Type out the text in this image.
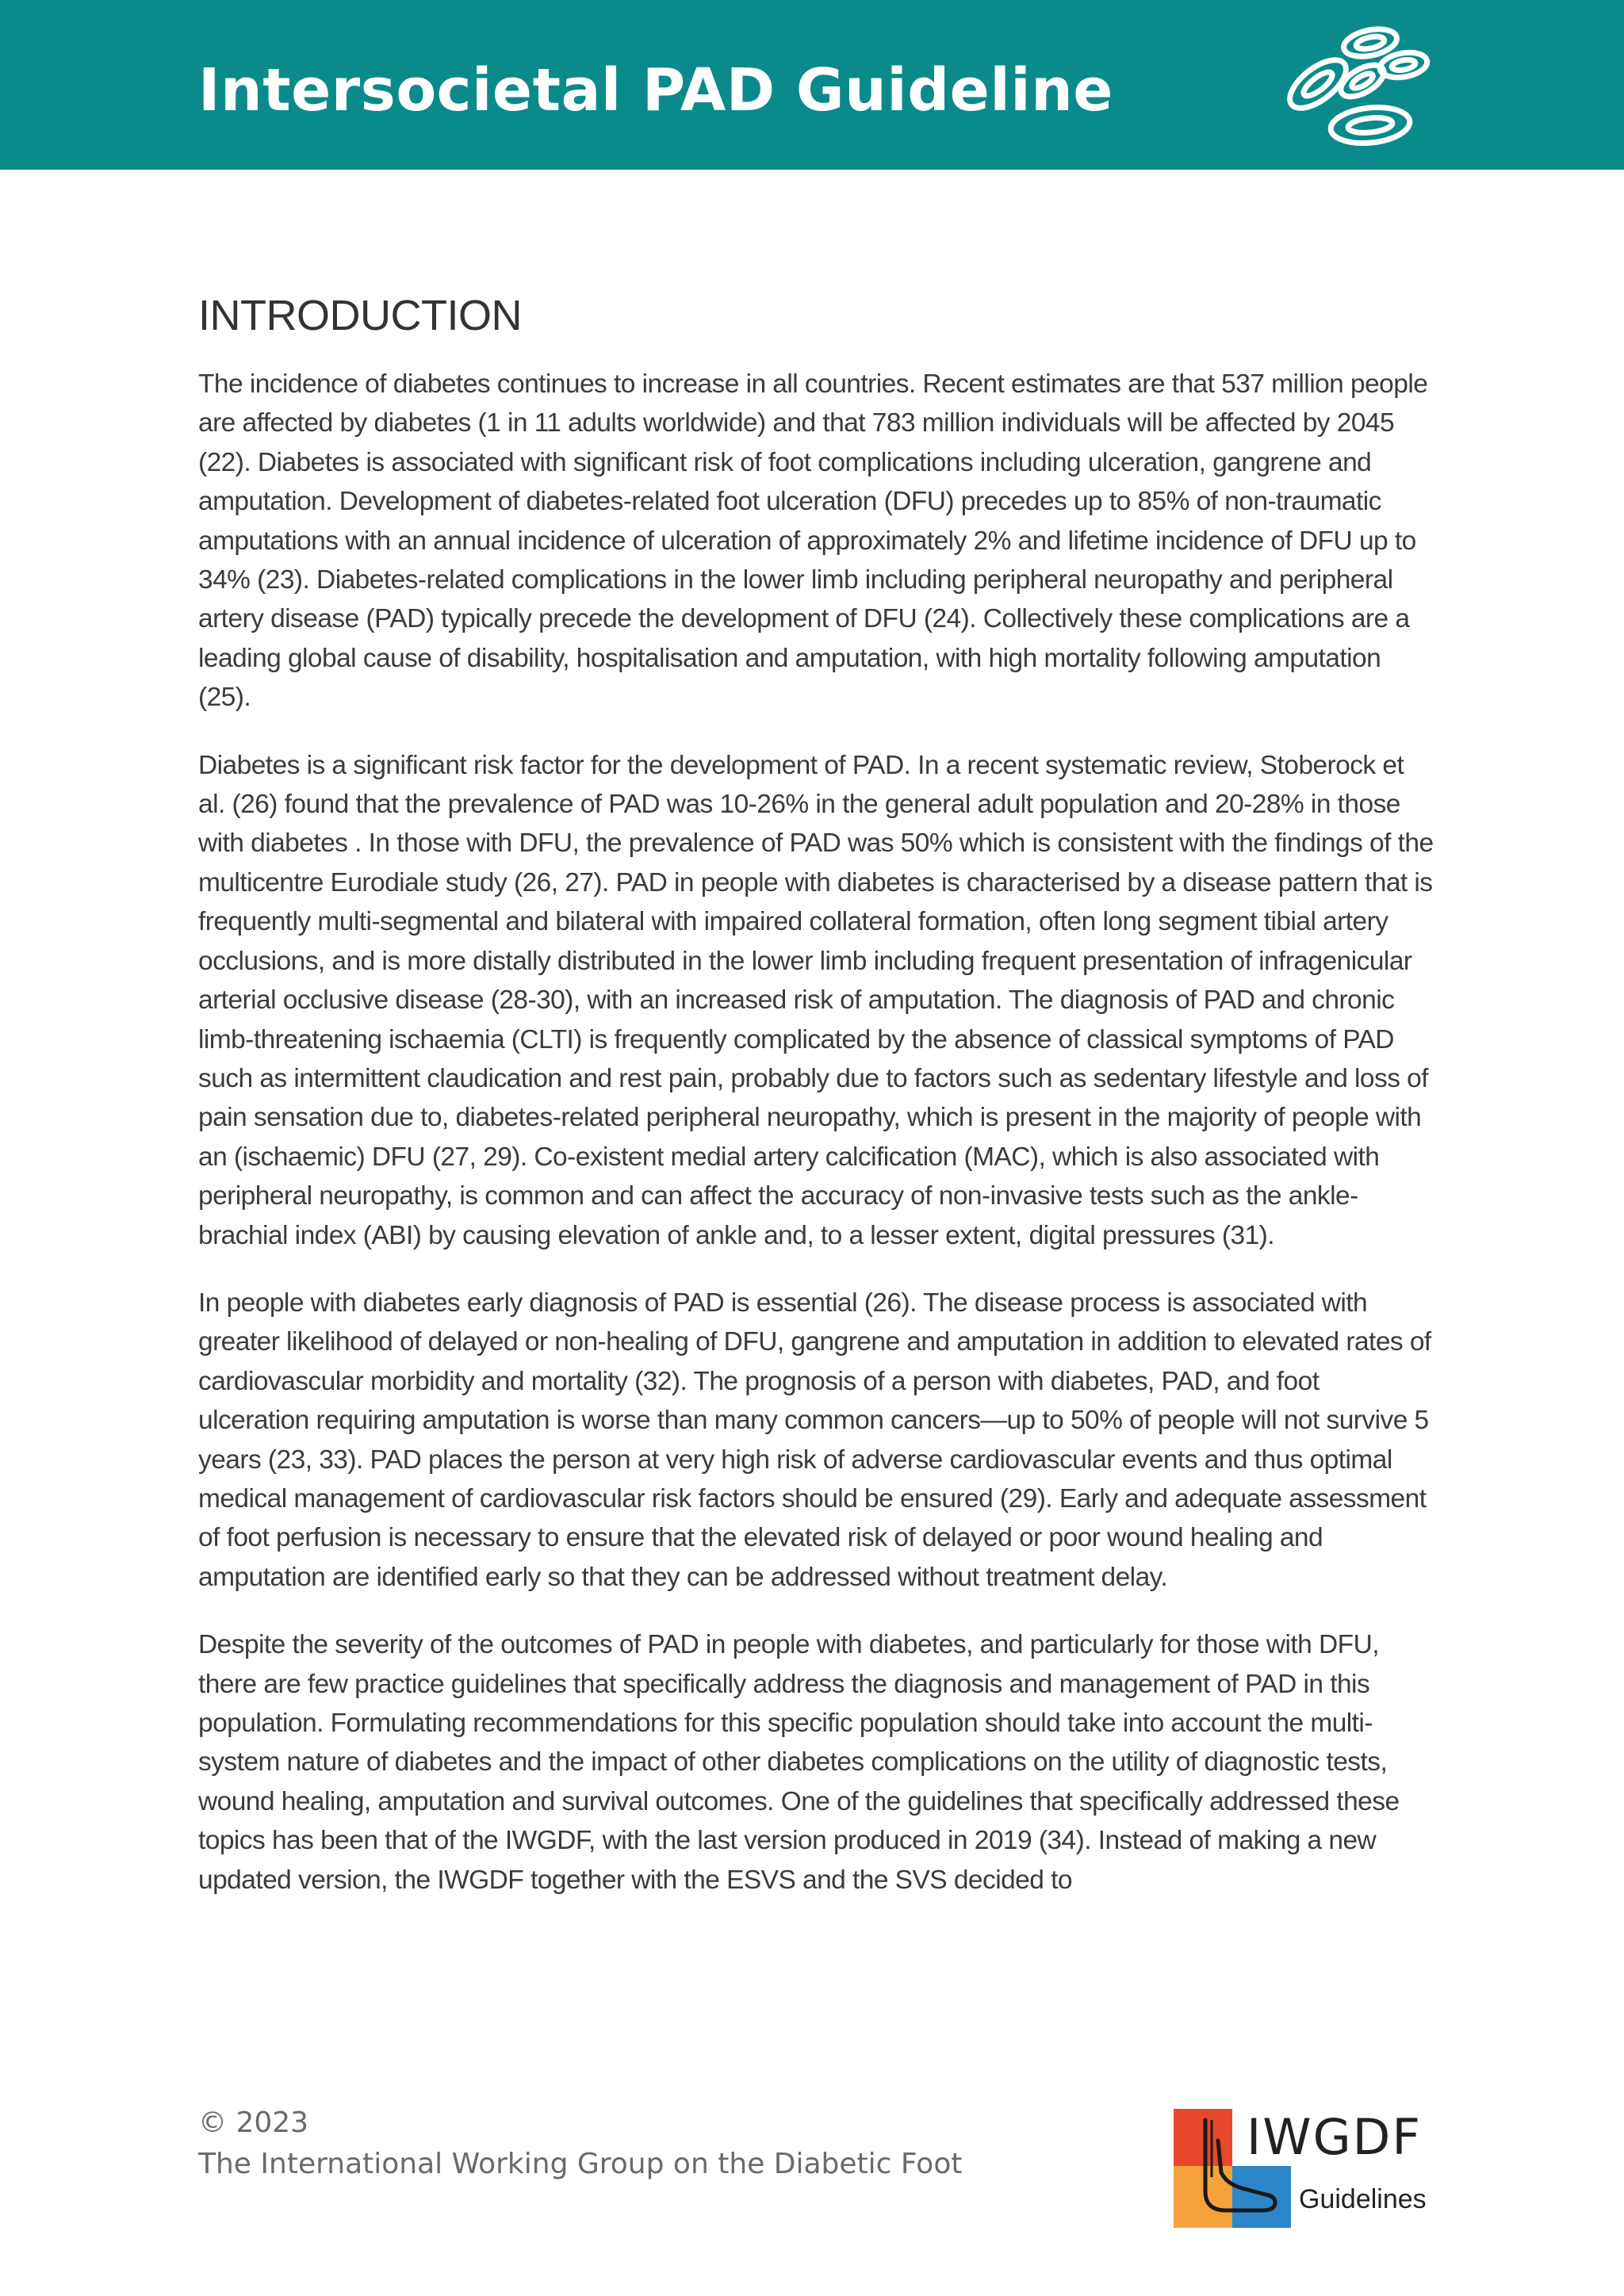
Intersocietal PAD Guideline
INTRODUCTION

The incidence of diabetes continues to increase in all countries. Recent estimates are that 537 million people are affected by diabetes (1 in 11 adults worldwide) and that 783 million individuals will be affected by 2045 (22). Diabetes is associated with significant risk of foot complications including ulceration, gangrene and amputation. Development of diabetes-related foot ulceration (DFU) precedes up to 85% of non-traumatic amputations with an annual incidence of ulceration of approximately 2% and lifetime incidence of DFU up to 34% (23). Diabetes-related complications in the lower limb including peripheral neuropathy and peripheral artery disease (PAD) typically precede the development of DFU (24). Collectively these complications are a leading global cause of disability, hospitalisation and amputation, with high mortality following amputation (25).

Diabetes is a significant risk factor for the development of PAD. In a recent systematic review, Stoberock et al. (26) found that the prevalence of PAD was 10-26% in the general adult population and 20-28% in those with diabetes . In those with DFU, the prevalence of PAD was 50% which is consistent with the findings of the multicentre Eurodiale study (26, 27). PAD in people with diabetes is characterised by a disease pattern that is frequently multi-segmental and bilateral with impaired collateral formation, often long segment tibial artery occlusions, and is more distally distributed in the lower limb including frequent presentation of infragenicular arterial occlusive disease (28-30), with an increased risk of amputation. The diagnosis of PAD and chronic limb-threatening ischaemia (CLTI) is frequently complicated by the absence of classical symptoms of PAD such as intermittent claudication and rest pain, probably due to factors such as sedentary lifestyle and loss of pain sensation due to, diabetes-related peripheral neuropathy, which is present in the majority of people with an (ischaemic) DFU (27, 29). Co-existent medial artery calcification (MAC), which is also associated with peripheral neuropathy, is common and can affect the accuracy of non-invasive tests such as the ankle-brachial index (ABI) by causing elevation of ankle and, to a lesser extent, digital pressures (31).

In people with diabetes early diagnosis of PAD is essential (26). The disease process is associated with greater likelihood of delayed or non-healing of DFU, gangrene and amputation in addition to elevated rates of cardiovascular morbidity and mortality (32). The prognosis of a person with diabetes, PAD, and foot ulceration requiring amputation is worse than many common cancers—up to 50% of people will not survive 5 years (23, 33). PAD places the person at very high risk of adverse cardiovascular events and thus optimal medical management of cardiovascular risk factors should be ensured (29). Early and adequate assessment of foot perfusion is necessary to ensure that the elevated risk of delayed or poor wound healing and amputation are identified early so that they can be addressed without treatment delay.

Despite the severity of the outcomes of PAD in people with diabetes, and particularly for those with DFU, there are few practice guidelines that specifically address the diagnosis and management of PAD in this population. Formulating recommendations for this specific population should take into account the multi-system nature of diabetes and the impact of other diabetes complications on the utility of diagnostic tests, wound healing, amputation and survival outcomes. One of the guidelines that specifically addressed these topics has been that of the IWGDF, with the last version produced in 2019 (34). Instead of making a new updated version, the IWGDF together with the ESVS and the SVS decided to

© 2023
The International Working Group on the Diabetic Foot	IWGDF
Guidelines
